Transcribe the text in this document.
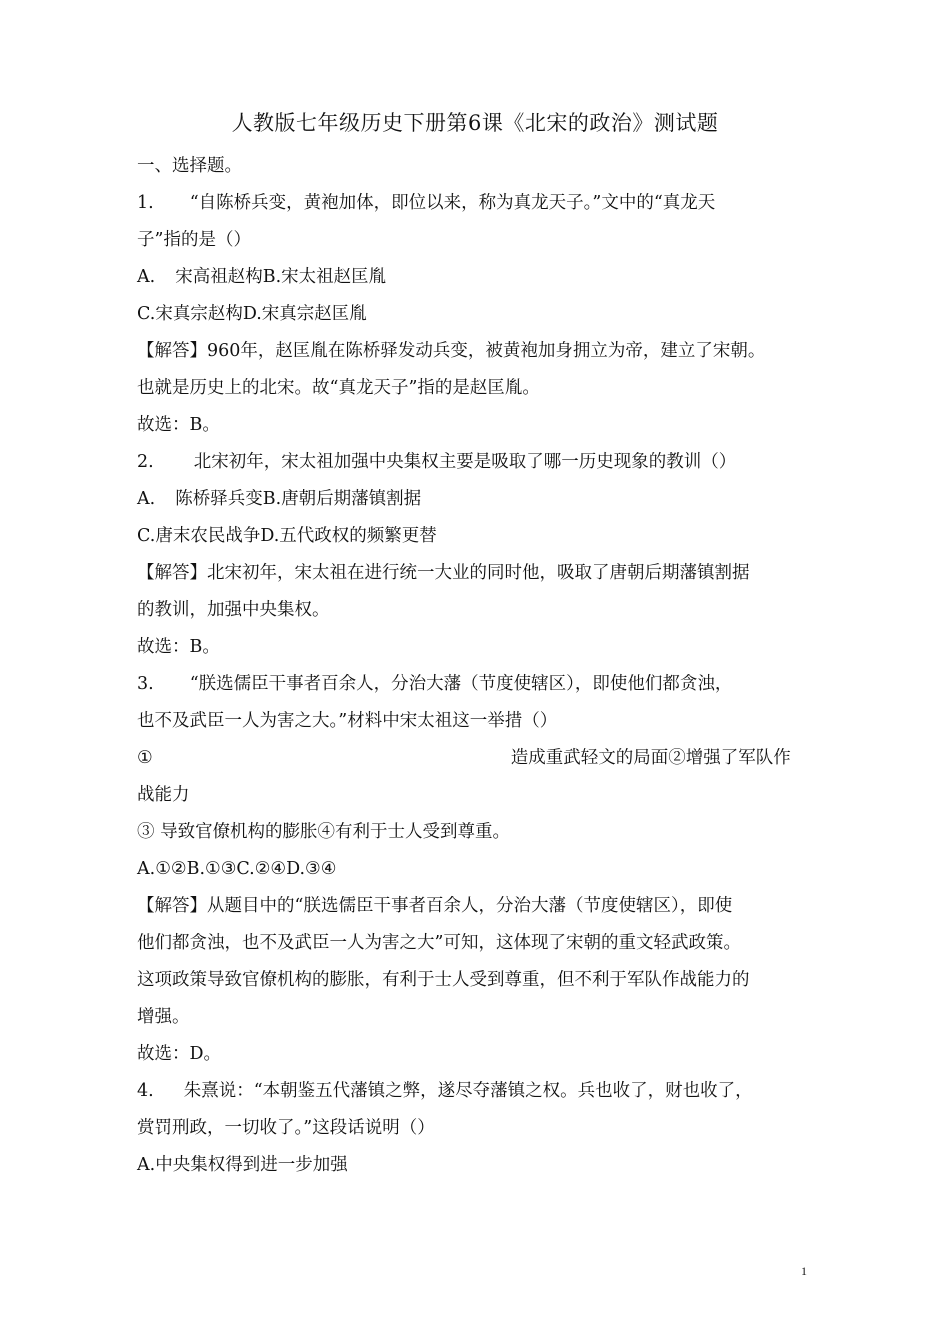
人教版七年级历史下册第6课《北宋的政治》测试题
一、选择题。
1. “自陈桥兵变，黄袍加体，即位以来，称为真龙天子。”文中的“真龙天
子”指的是（）
A. 宋高祖赵构B.宋太祖赵匡胤
C.宋真宗赵构D.宋真宗赵匡胤
【解答】960年，赵匡胤在陈桥驿发动兵变，被黄袍加身拥立为帝，建立了宋朝。
也就是历史上的北宋。故“真龙天子”指的是赵匡胤。
故选：B。
2. 北宋初年，宋太祖加强中央集权主要是吸取了哪一历史现象的教训（）
A. 陈桥驿兵变B.唐朝后期藩镇割据
C.唐末农民战争D.五代政权的频繁更替
【解答】北宋初年，宋太祖在进行统一大业的同时他，吸取了唐朝后期藩镇割据
的教训，加强中央集权。
故选：B。
3. “朕选儒臣干事者百余人，分治大藩（节度使辖区），即使他们都贪浊，
也不及武臣一人为害之大。”材料中宋太祖这一举措（）
①	造成重武轻文的局面②增强了军队作
战能力
③ 导致官僚机构的膨胀④有利于士人受到尊重。
A.①②B.①③C.②④D.③④
【解答】从题目中的“朕选儒臣干事者百余人，分治大藩（节度使辖区），即使
他们都贪浊，也不及武臣一人为害之大”可知，这体现了宋朝的重文轻武政策。
这项政策导致官僚机构的膨胀，有利于士人受到尊重，但不利于军队作战能力的
增强。
故选：D。
4. 朱熹说：“本朝鉴五代藩镇之弊，遂尽夺藩镇之权。兵也收了，财也收了，
赏罚刑政，一切收了。”这段话说明（）
A.中央集权得到进一步加强
1
